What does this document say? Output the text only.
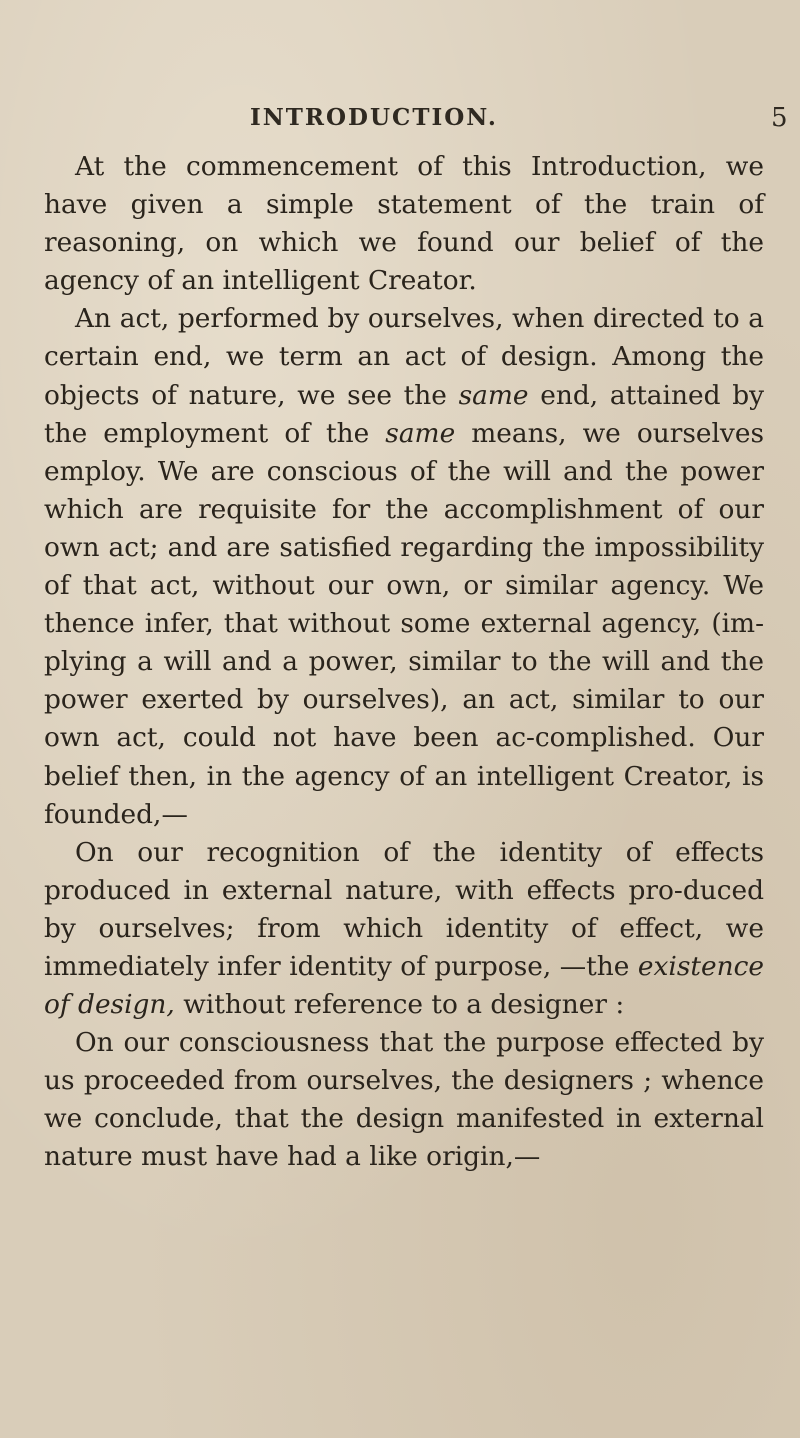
INTRODUCTION.	5

At the commencement of this Introduction, we have given a simple statement of the train of reasoning, on which we found our belief of the agency of an intelligent Creator.

An act, performed by ourselves, when directed to a certain end, we term an act of design. Among the objects of nature, we see the same end, attained by the employment of the same means, we ourselves employ. We are conscious of the will and the power which are requisite for the accomplishment of our own act; and are satisfied regarding the impossibility of that act, without our own, or similar agency. We thence infer, that without some external agency, (im-plying a will and a power, similar to the will and the power exerted by ourselves), an act, similar to our own act, could not have been ac-complished. Our belief then, in the agency of an intelligent Creator, is founded,—

On our recognition of the identity of effects produced in external nature, with effects pro-duced by ourselves; from which identity of effect, we immediately infer identity of purpose, —the existence of design, without reference to a designer :

On our consciousness that the purpose effected by us proceeded from ourselves, the designers ; whence we conclude, that the design manifested in external nature must have had a like origin,—
